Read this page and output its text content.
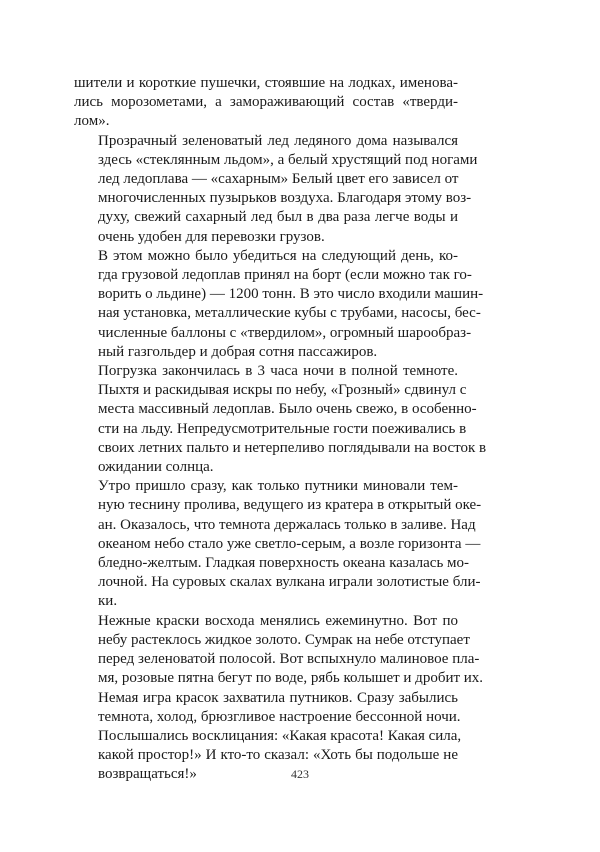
шители и короткие пушечки, стоявшие на лодках, именова-
лись морозометами, а замораживающий состав «тверди-
лом».
Прозрачный зеленоватый лед ледяного дома назывался
здесь «стеклянным льдом», а белый хрустящий под ногами
лед ледоплава — «сахарным» Белый цвет его зависел от
многочисленных пузырьков воздуха. Благодаря этому воз-
духу, свежий сахарный лед был в два раза легче воды и
очень удобен для перевозки грузов.
В этом можно было убедиться на следующий день, ко-
гда грузовой ледоплав принял на борт (если можно так го-
ворить о льдине) — 1200 тонн. В это число входили машин-
ная установка, металлические кубы с трубами, насосы, бес-
численные баллоны с «твердилом», огромный шарообраз-
ный газгольдер и добрая сотня пассажиров.
Погрузка закончилась в 3 часа ночи в полной темноте.
Пыхтя и раскидывая искры по небу, «Грозный» сдвинул с
места массивный ледоплав. Было очень свежо, в особенно-
сти на льду. Непредусмотрительные гости поеживались в
своих летних пальто и нетерпеливо поглядывали на восток в
ожидании солнца.
Утро пришло сразу, как только путники миновали тем-
ную теснину пролива, ведущего из кратера в открытый оке-
ан. Оказалось, что темнота держалась только в заливе. Над
океаном небо стало уже светло-серым, а возле горизонта —
бледно-желтым. Гладкая поверхность океана казалась мо-
лочной. На суровых скалах вулкана играли золотистые бли-
ки.
Нежные краски восхода менялись ежеминутно. Вот по
небу растеклось жидкое золото. Сумрак на небе отступает
перед зеленоватой полосой. Вот вспыхнуло малиновое пла-
мя, розовые пятна бегут по воде, рябь колышет и дробит их.
Немая игра красок захватила путников. Сразу забылись
темнота, холод, брюзгливое настроение бессонной ночи.
Послышались восклицания: «Какая красота! Какая сила,
какой простор!» И кто-то сказал: «Хоть бы подольше не
возвращаться!»	423
